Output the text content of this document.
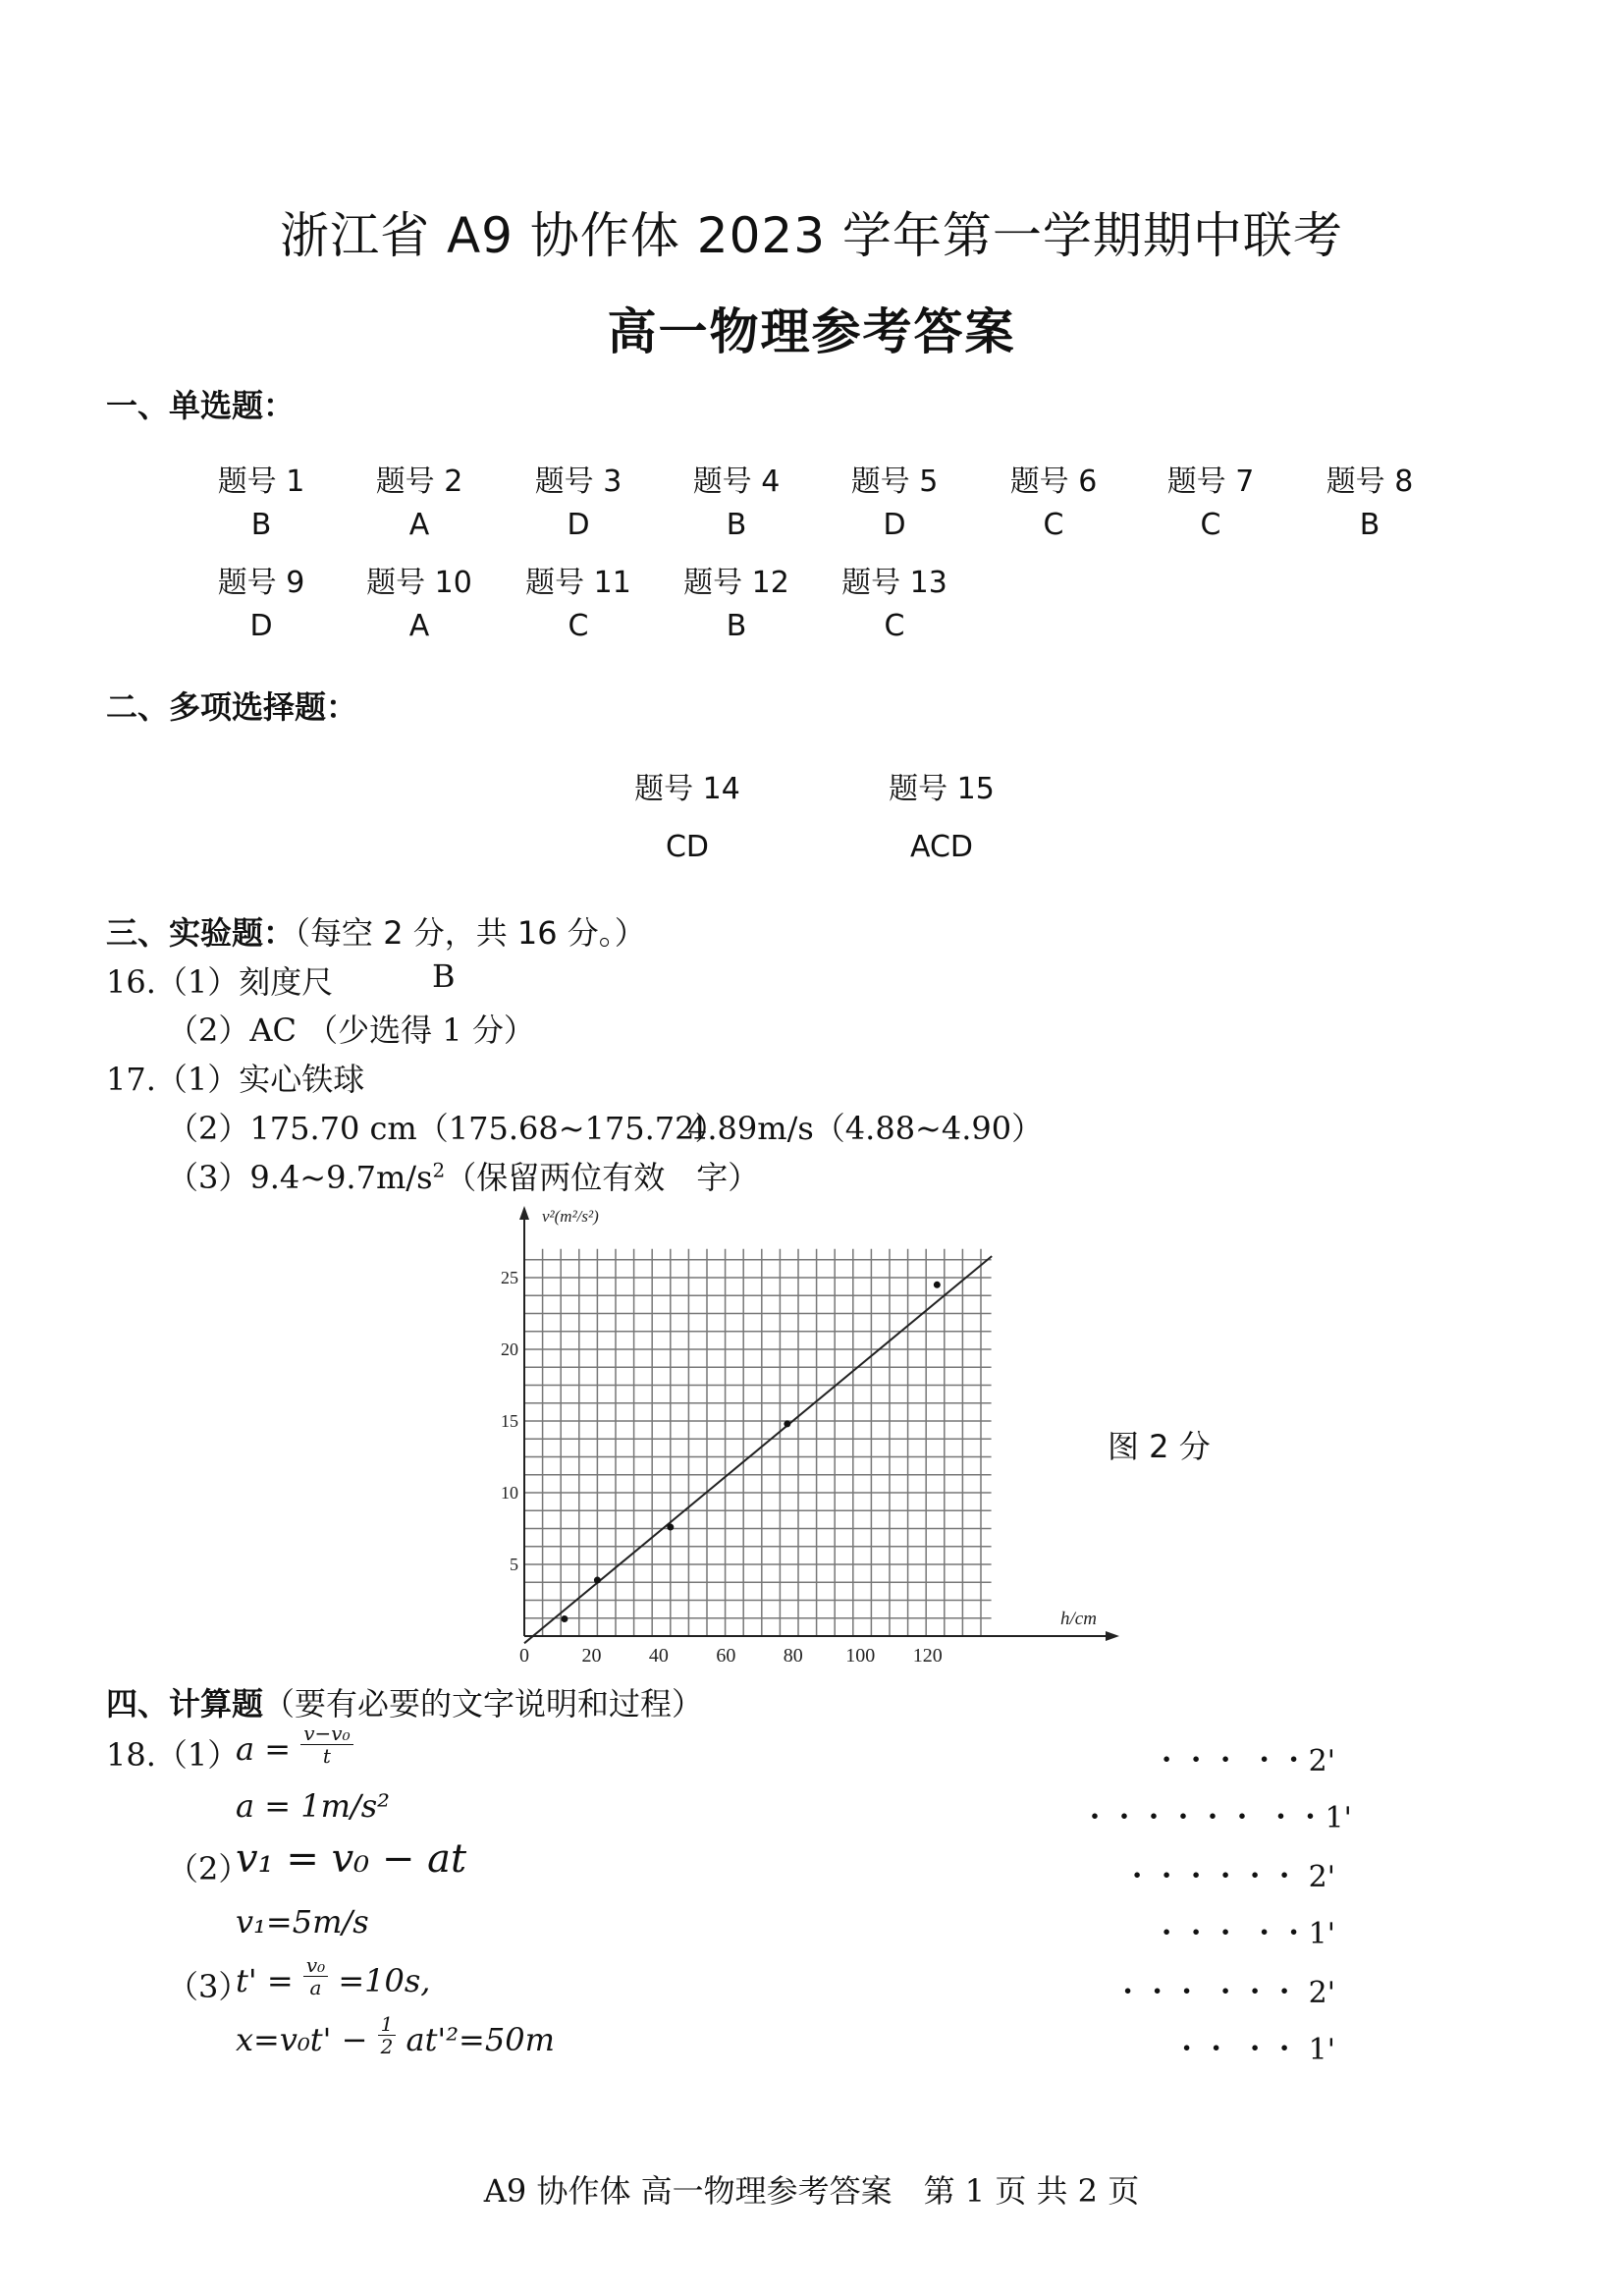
浙江省 A9 协作体 2023 学年第一学期期中联考
高一物理参考答案
一、单选题：
题号 1
B
题号 2
A
题号 3
D
题号 4
B
题号 5
D
题号 6
C
题号 7
C
题号 8
B
题号 9
D
题号 10
A
题号 11
C
题号 12
B
题号 13
C
二、多项选择题：
题号 14
CD
题号 15
ACD
三、实验题：（每空 2 分，共 16 分。）
16.（1）刻度尺	B
（2）AC （少选得 1 分）
17.（1）实心铁球
（2）175.70 cm（175.68~175.72）
4.89m/s（4.88~4.90）
$(3)9.4\sim 9.7m/s^2$（保留两位有效　字）
0	20 40 60 80 100 120
5
10
15
20
25
v²(m²/s²)
h/cm
图 2 分
四、计算题（要有必要的文字说明和过程）
18.（1）
$a = \frac{\text{v−v₀}}{t}$
a = 1m/s²
（2）
v₁ = v₀ − at
v₁=5m/s
（3）
$t' = \frac{\text{v₀}}{a} =10s$,
$x=v_0t' - \frac{1}{2} at'^2=50m$
・・・ ・・2'
・・・・・・ ・・1'
・・・・・・ 2'
・・・ ・・1'
・・・ ・・・ 2'
・・ ・・ 1'
A9 协作体 高一物理参考答案　第 1 页 共 2 页
